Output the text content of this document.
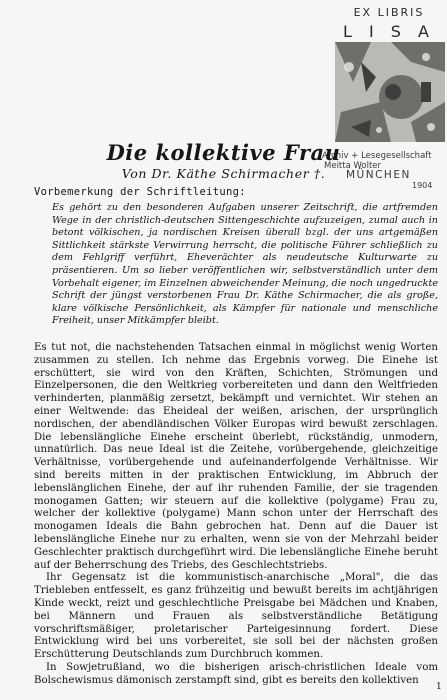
EX LIBRIS
L I S A
Archiv + Lesegesellschaft
Meitta Wolter
MÜNCHEN
1904
Die kollektive Frau
Von Dr. Käthe Schirmacher †.
Vorbemerkung der Schriftleitung:

Es gehört zu den besonderen Aufgaben unserer Zeitschrift, die artfremden Wege in der christlich-deutschen Sittengeschichte aufzuzeigen, zumal auch in betont völkischen, ja nordischen Kreisen überall bzgl. der uns artgemäßen Sittlichkeit stärkste Verwirrung herrscht, die politische Führer schließlich zu dem Fehlgriff verführt, Eheverächter als neudeutsche Kulturwarte zu präsentieren. Um so lieber veröffentlichen wir, selbstverständlich unter dem Vorbehalt eigener, im Einzelnen abweichender Meinung, die noch ungedruckte Schrift der jüngst verstorbenen Frau Dr. Käthe Schirmacher, die als große, klare völkische Persönlichkeit, als Kämpfer für nationale und menschliche Freiheit, unser Mitkämpfer bleibt.

Es tut not, die nachstehenden Tatsachen einmal in möglichst wenig Worten zusammen zu stellen. Ich nehme das Ergebnis vorweg. Die Einehe ist erschüttert, sie wird von den Kräften, Schichten, Strömungen und Einzelpersonen, die den Weltkrieg vorbereiteten und dann den Weltfrieden verhinderten, planmäßig zersetzt, bekämpft und vernichtet. Wir stehen an einer Weltwende: das Eheideal der weißen, arischen, der ursprünglich nordischen, der abendländischen Völker Europas wird bewußt zerschlagen. Die lebenslängliche Einehe erscheint überlebt, rückständig, unmodern, unnatürlich. Das neue Ideal ist die Zeitehe, vorübergehende, gleichzeitige Verhältnisse, vorübergehende und aufeinanderfolgende Verhältnisse. Wir sind bereits mitten in der praktischen Entwicklung, im Abbruch der lebenslänglichen Einehe, der auf ihr ruhenden Familie, der sie tragenden monogamen Gatten; wir steuern auf die kollektive (polygame) Frau zu, welcher der kollektive (polygame) Mann schon unter der Herrschaft des monogamen Ideals die Bahn gebrochen hat. Denn auf die Dauer ist lebenslängliche Einehe nur zu erhalten, wenn sie von der Mehrzahl beider Geschlechter praktisch durchgeführt wird. Die lebenslängliche Einehe beruht auf der Beherrschung des Triebs, des Geschlechtstriebs.

Ihr Gegensatz ist die kommunistisch-anarchische „Moral", die das Triebleben entfesselt, es ganz frühzeitig und bewußt bereits im achtjährigen Kinde weckt, reizt und geschlechtliche Preisgabe bei Mädchen und Knaben, bei Männern und Frauen als selbstverständliche Betätigung vorschriftsmäßiger, proletarischer Parteigesinnung fordert. Diese Entwicklung wird bei uns vorbereitet, sie soll bei der nächsten großen Erschütterung Deutschlands zum Durchbruch kommen.

In Sowjetrußland, wo die bisherigen arisch-christlichen Ideale vom Bolschewismus dämonisch zerstampft sind, gibt es bereits den kollektiven

1
